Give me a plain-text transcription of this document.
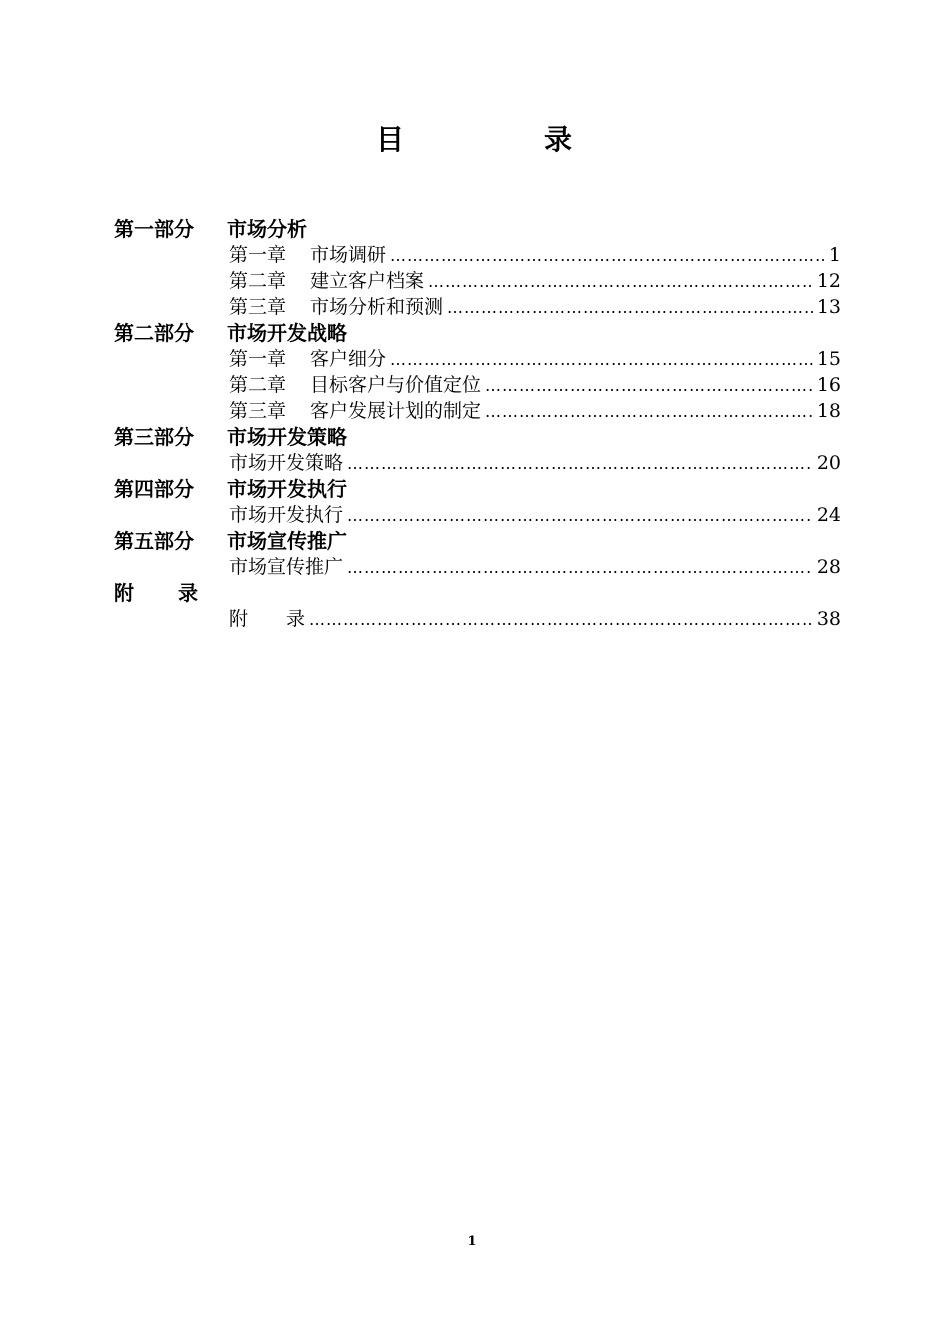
目　录
第一部分 市场分析
第一章 市场调研 ……………………………………………………………………………………………………………………………………………………	1
第二章 建立客户档案 ……………………………………………………………………………………………………………………………………………………	12
第三章 市场分析和预测 ……………………………………………………………………………………………………………………………………………………	13
第二部分 市场开发战略
第一章 客户细分 ……………………………………………………………………………………………………………………………………………………	15
第二章 目标客户与价值定位 ……………………………………………………………………………………………………………………………………………………	16
第三章 客户发展计划的制定 ……………………………………………………………………………………………………………………………………………………	18
第三部分 市场开发策略
市场开发策略 ……………………………………………………………………………………………………………………………………………………	20
第四部分 市场开发执行
市场开发执行 ……………………………………………………………………………………………………………………………………………………	24
第五部分 市场宣传推广
市场宣传推广 ……………………………………………………………………………………………………………………………………………………	28
附录
附　　录 ……………………………………………………………………………………………………………………………………………………	38
1
